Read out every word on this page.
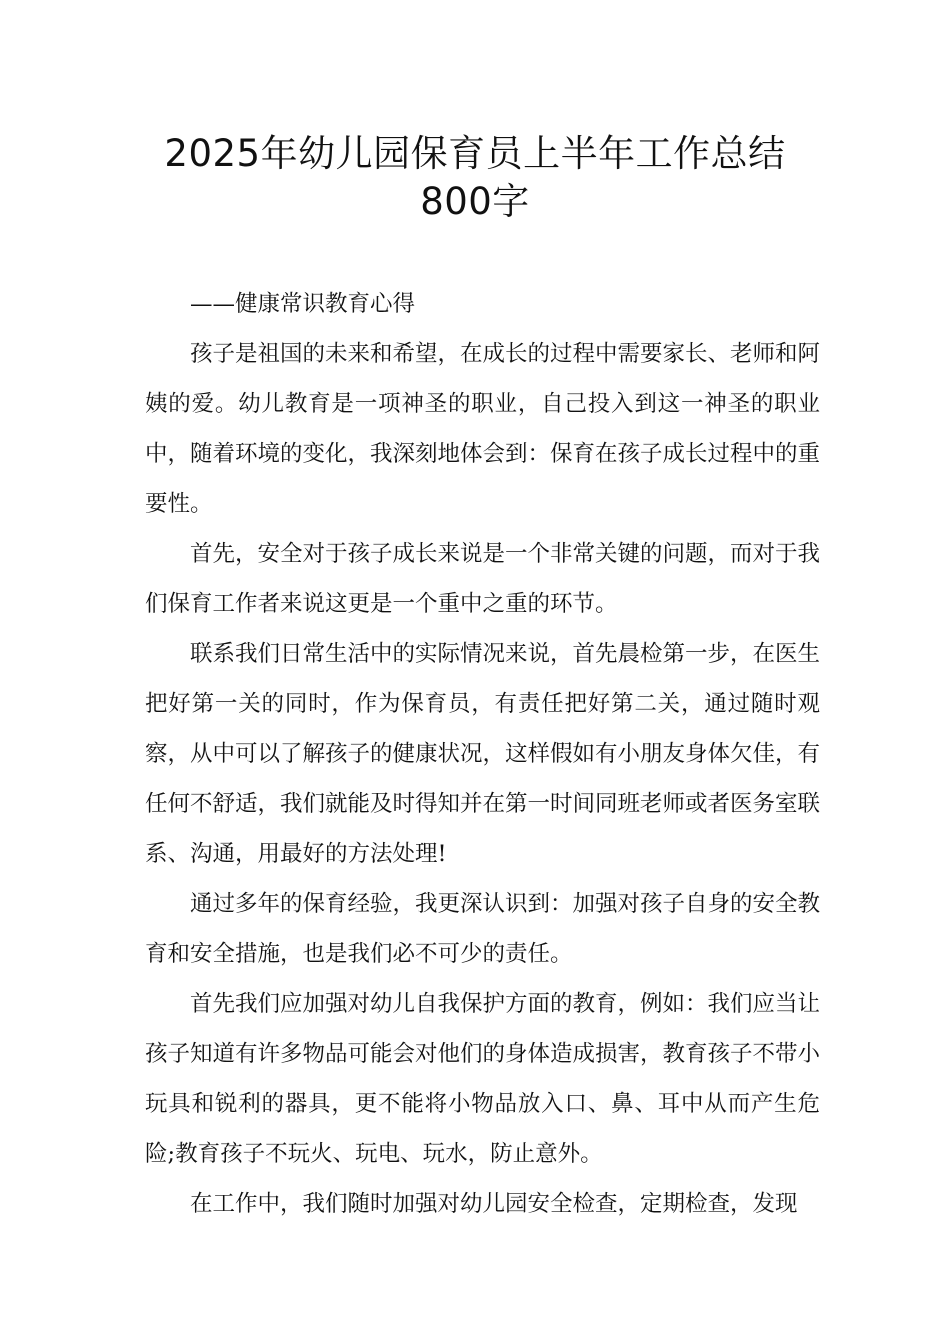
2025年幼儿园保育员上半年工作总结
800字

——健康常识教育心得

孩子是祖国的未来和希望，在成长的过程中需要家长、老师和阿姨的爱。幼儿教育是一项神圣的职业，自己投入到这一神圣的职业中，随着环境的变化，我深刻地体会到：保育在孩子成长过程中的重要性。

首先，安全对于孩子成长来说是一个非常关键的问题，而对于我们保育工作者来说这更是一个重中之重的环节。

联系我们日常生活中的实际情况来说，首先晨检第一步，在医生把好第一关的同时，作为保育员，有责任把好第二关，通过随时观察，从中可以了解孩子的健康状况，这样假如有小朋友身体欠佳，有任何不舒适，我们就能及时得知并在第一时间同班老师或者医务室联系、沟通，用最好的方法处理!

通过多年的保育经验，我更深认识到：加强对孩子自身的安全教育和安全措施，也是我们必不可少的责任。

首先我们应加强对幼儿自我保护方面的教育，例如：我们应当让孩子知道有许多物品可能会对他们的身体造成损害，教育孩子不带小玩具和锐利的器具，更不能将小物品放入口、鼻、耳中从而产生危险;教育孩子不玩火、玩电、玩水，防止意外。

在工作中，我们随时加强对幼儿园安全检查，定期检查，发现
